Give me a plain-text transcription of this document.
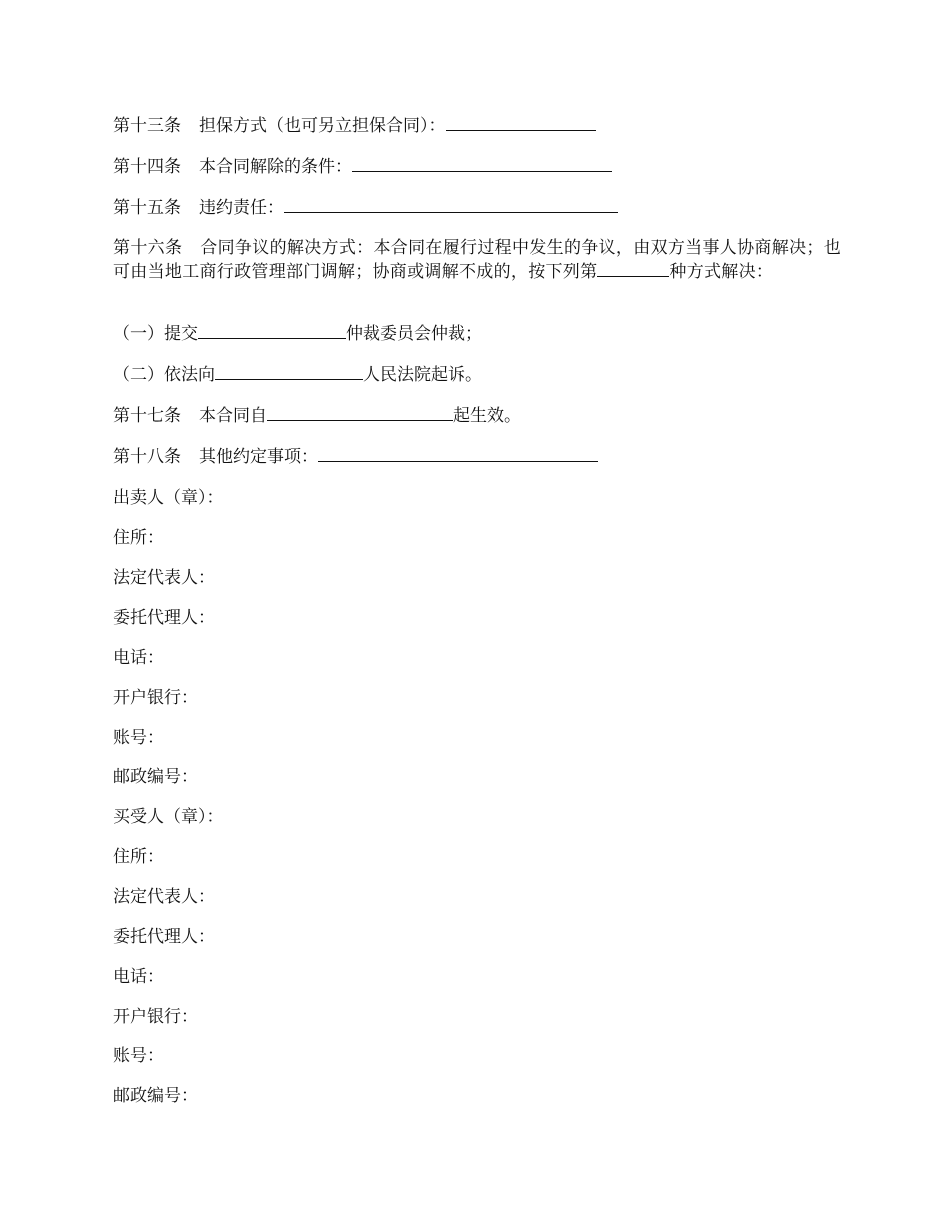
第十三条 担保方式（也可另立担保合同）：
第十四条 本合同解除的条件：
第十五条 违约责任：
第十六条 合同争议的解决方式：本合同在履行过程中发生的争议，由双方当事人协商解决；也可由当地工商行政管理部门调解；协商或调解不成的，按下列第	种方式解决：
（一）提交	仲裁委员会仲裁；
（二）依法向	人民法院起诉。
第十七条 本合同自	起生效。
第十八条 其他约定事项：
出卖人（章）：
住所：
法定代表人：
委托代理人：
电话：
开户银行：
账号：
邮政编号：
买受人（章）：
住所：
法定代表人：
委托代理人：
电话：
开户银行：
账号：
邮政编号：
